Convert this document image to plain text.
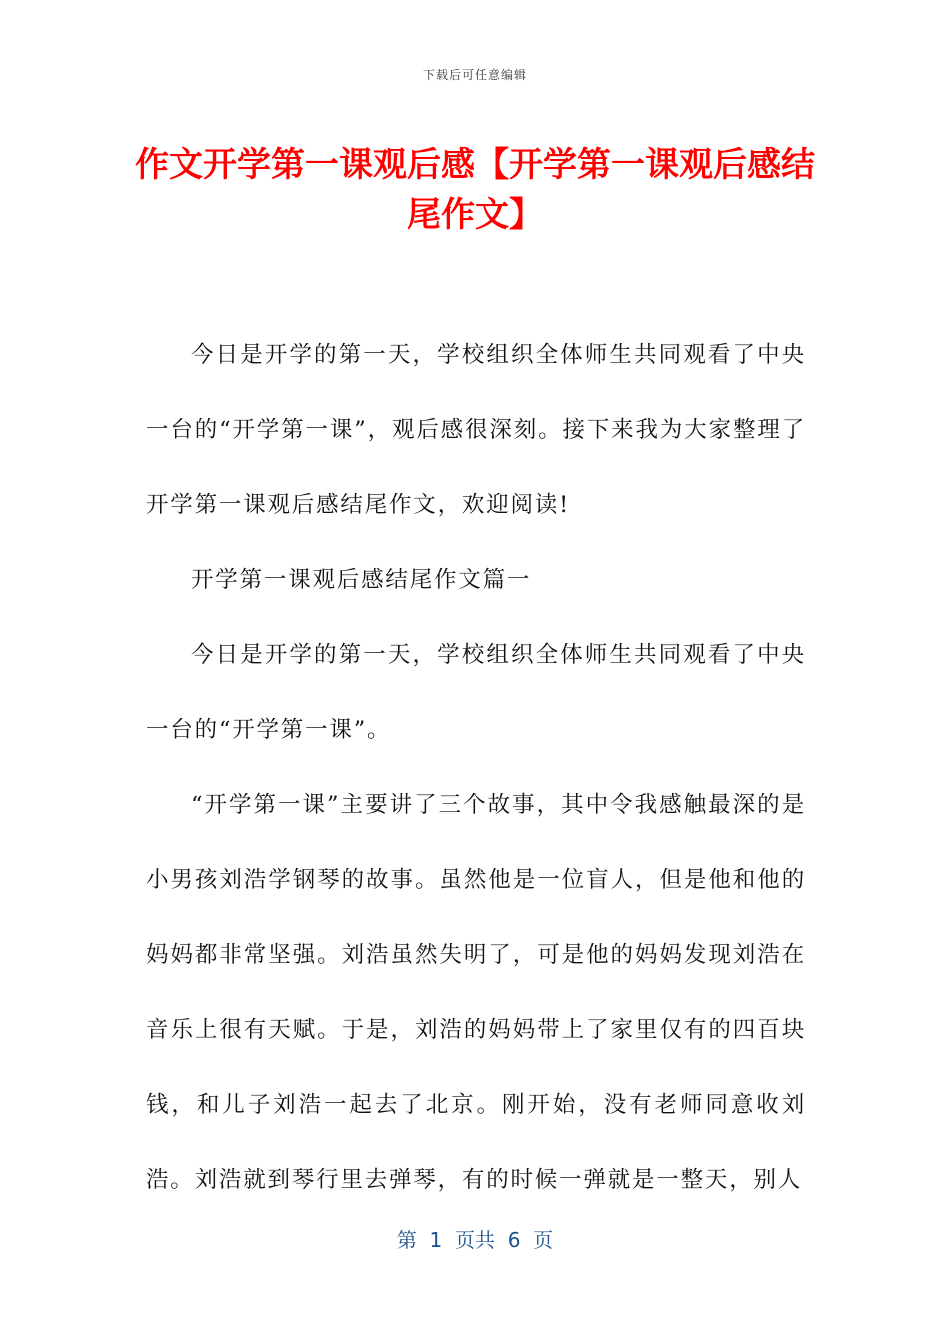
下载后可任意编辑
作文开学第一课观后感【开学第一课观后感结尾作文】

今日是开学的第一天，学校组织全体师生共同观看了中央一台的“开学第一课”，观后感很深刻。接下来我为大家整理了开学第一课观后感结尾作文，欢迎阅读!

开学第一课观后感结尾作文篇一

今日是开学的第一天，学校组织全体师生共同观看了中央一台的“开学第一课”。

“开学第一课”主要讲了三个故事，其中令我感触最深的是小男孩刘浩学钢琴的故事。虽然他是一位盲人，但是他和他的妈妈都非常坚强。刘浩虽然失明了，可是他的妈妈发现刘浩在音乐上很有天赋。于是，刘浩的妈妈带上了家里仅有的四百块钱，和儿子刘浩一起去了北京。刚开始，没有老师同意收刘浩。刘浩就到琴行里去弹琴，有的时候一弹就是一整天，别人

第  1  页共  6  页
